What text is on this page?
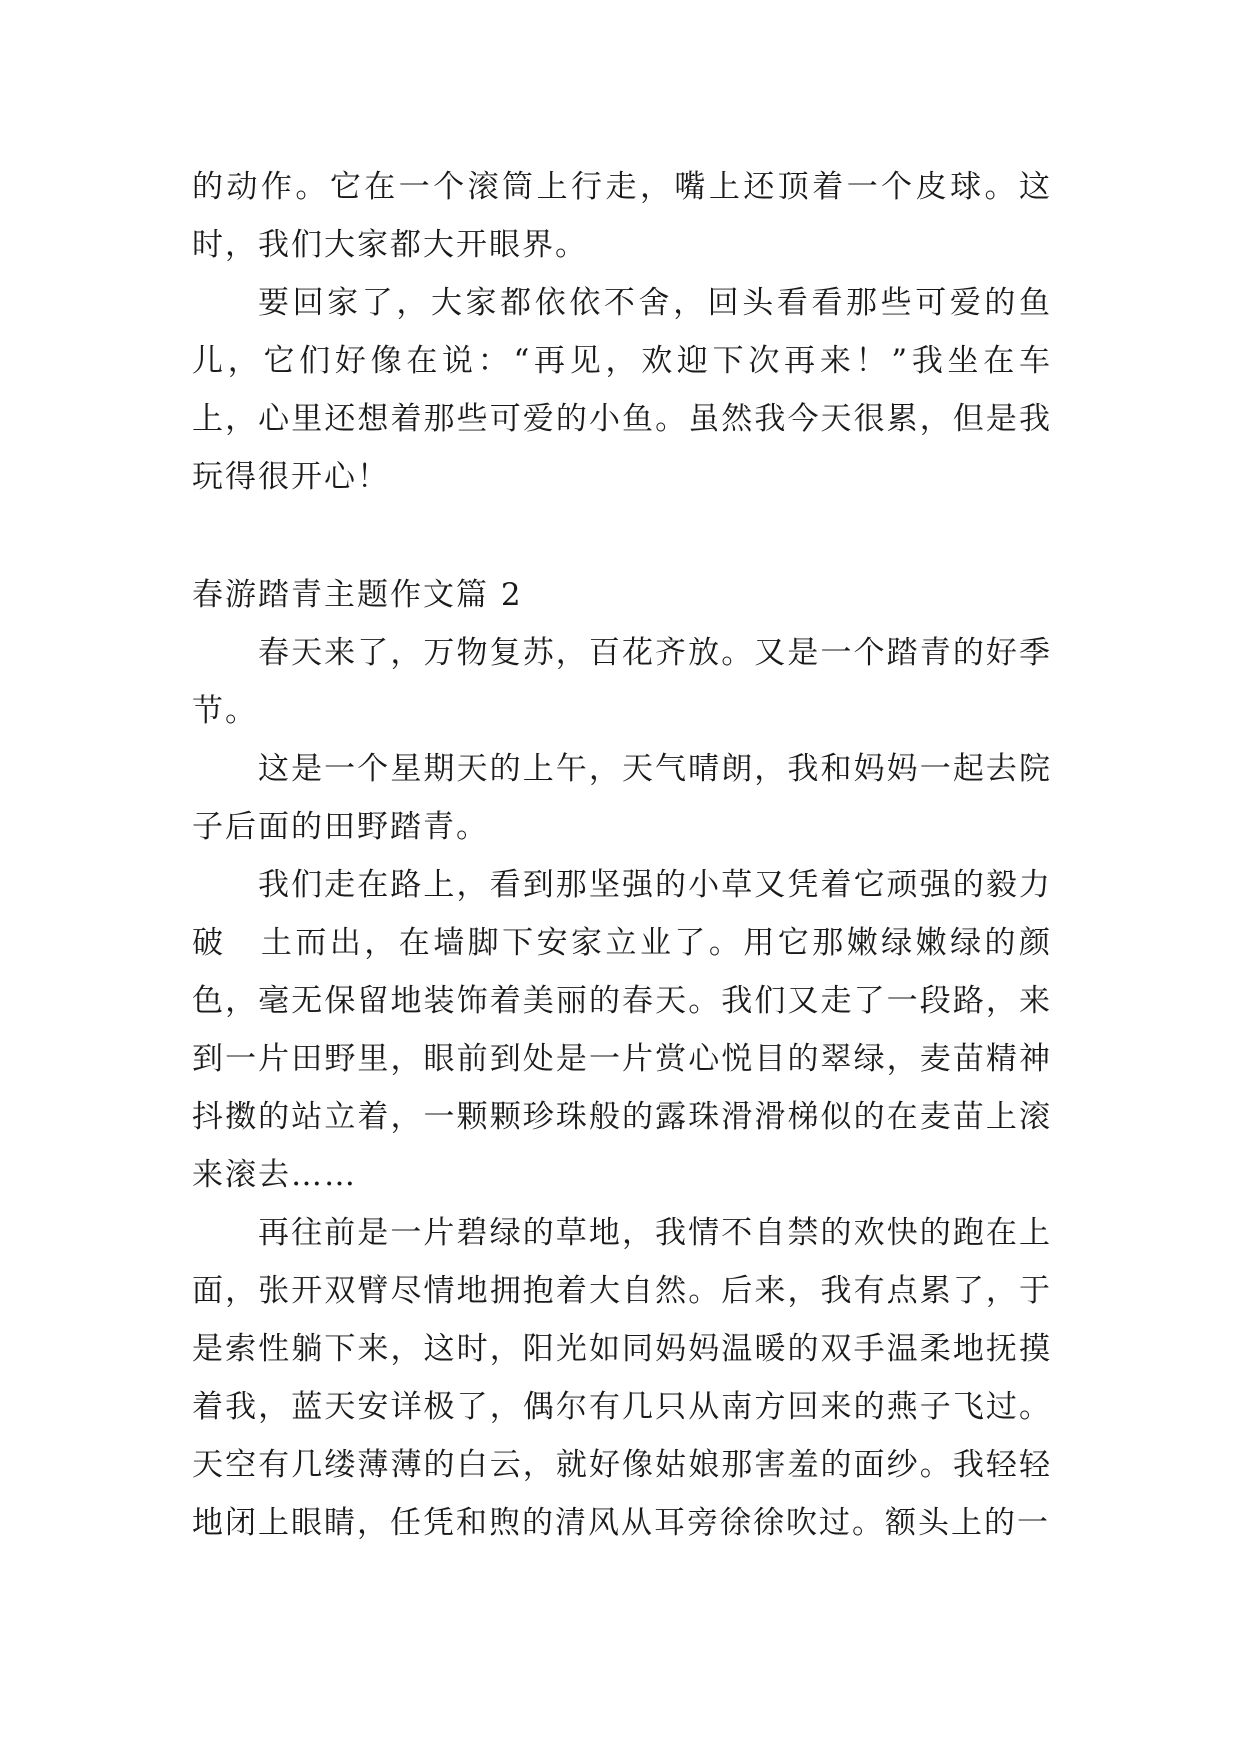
的动作。它在一个滚筒上行走，嘴上还顶着一个皮球。这时，我们大家都大开眼界。

要回家了，大家都依依不舍，回头看看那些可爱的鱼儿，它们好像在说：“再见，欢迎下次再来！”我坐在车上，心里还想着那些可爱的小鱼。虽然我今天很累，但是我玩得很开心！

春游踏青主题作文篇 2

春天来了，万物复苏，百花齐放。又是一个踏青的好季节。

这是一个星期天的上午，天气晴朗，我和妈妈一起去院子后面的田野踏青。

我们走在路上，看到那坚强的小草又凭着它顽强的毅力破　土而出，在墙脚下安家立业了。用它那嫩绿嫩绿的颜色，毫无保留地装饰着美丽的春天。我们又走了一段路，来到一片田野里，眼前到处是一片赏心悦目的翠绿，麦苗精神抖擞的站立着，一颗颗珍珠般的露珠滑滑梯似的在麦苗上滚来滚去……

再往前是一片碧绿的草地，我情不自禁的欢快的跑在上面，张开双臂尽情地拥抱着大自然。后来，我有点累了，于是索性躺下来，这时，阳光如同妈妈温暖的双手温柔地抚摸着我，蓝天安详极了，偶尔有几只从南方回来的燕子飞过。天空有几缕薄薄的白云，就好像姑娘那害羞的面纱。我轻轻地闭上眼睛，任凭和煦的清风从耳旁徐徐吹过。额头上的一
